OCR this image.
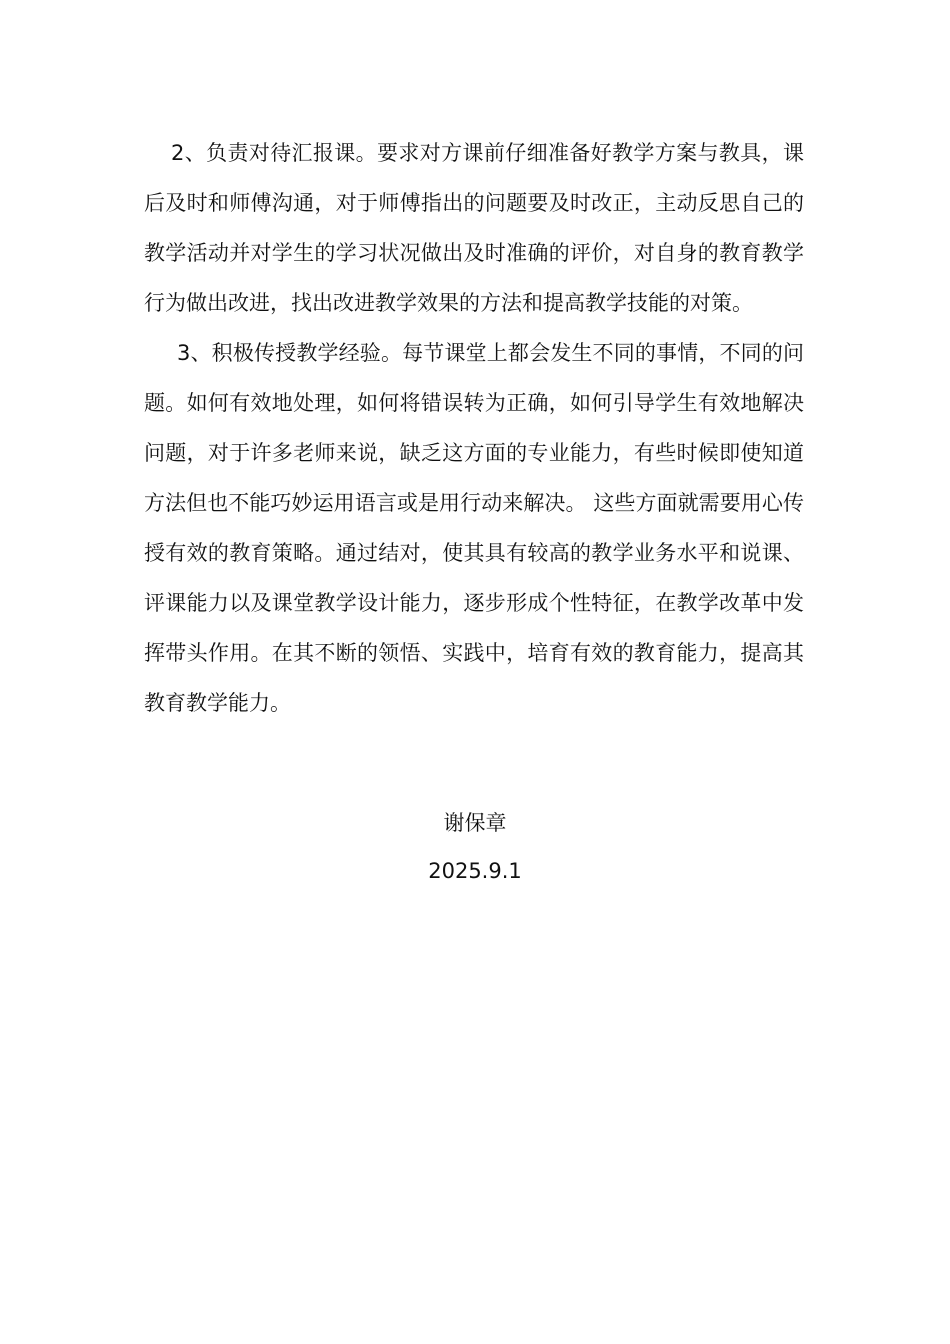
2、负责对待汇报课。要求对方课前仔细准备好教学方案与教具，课后及时和师傅沟通，对于师傅指出的问题要及时改正，主动反思自己的教学活动并对学生的学习状况做出及时准确的评价，对自身的教育教学行为做出改进，找出改进教学效果的方法和提高教学技能的对策。

3、积极传授教学经验。每节课堂上都会发生不同的事情，不同的问题。如何有效地处理，如何将错误转为正确，如何引导学生有效地解决问题，对于许多老师来说，缺乏这方面的专业能力，有些时候即使知道方法但也不能巧妙运用语言或是用行动来解决。 这些方面就需要用心传授有效的教育策略。通过结对，使其具有较高的教学业务水平和说课、 评课能力以及课堂教学设计能力，逐步形成个性特征，在教学改革中发挥带头作用。在其不断的领悟、实践中，培育有效的教育能力，提高其教育教学能力。

谢保章
2025.9.1
